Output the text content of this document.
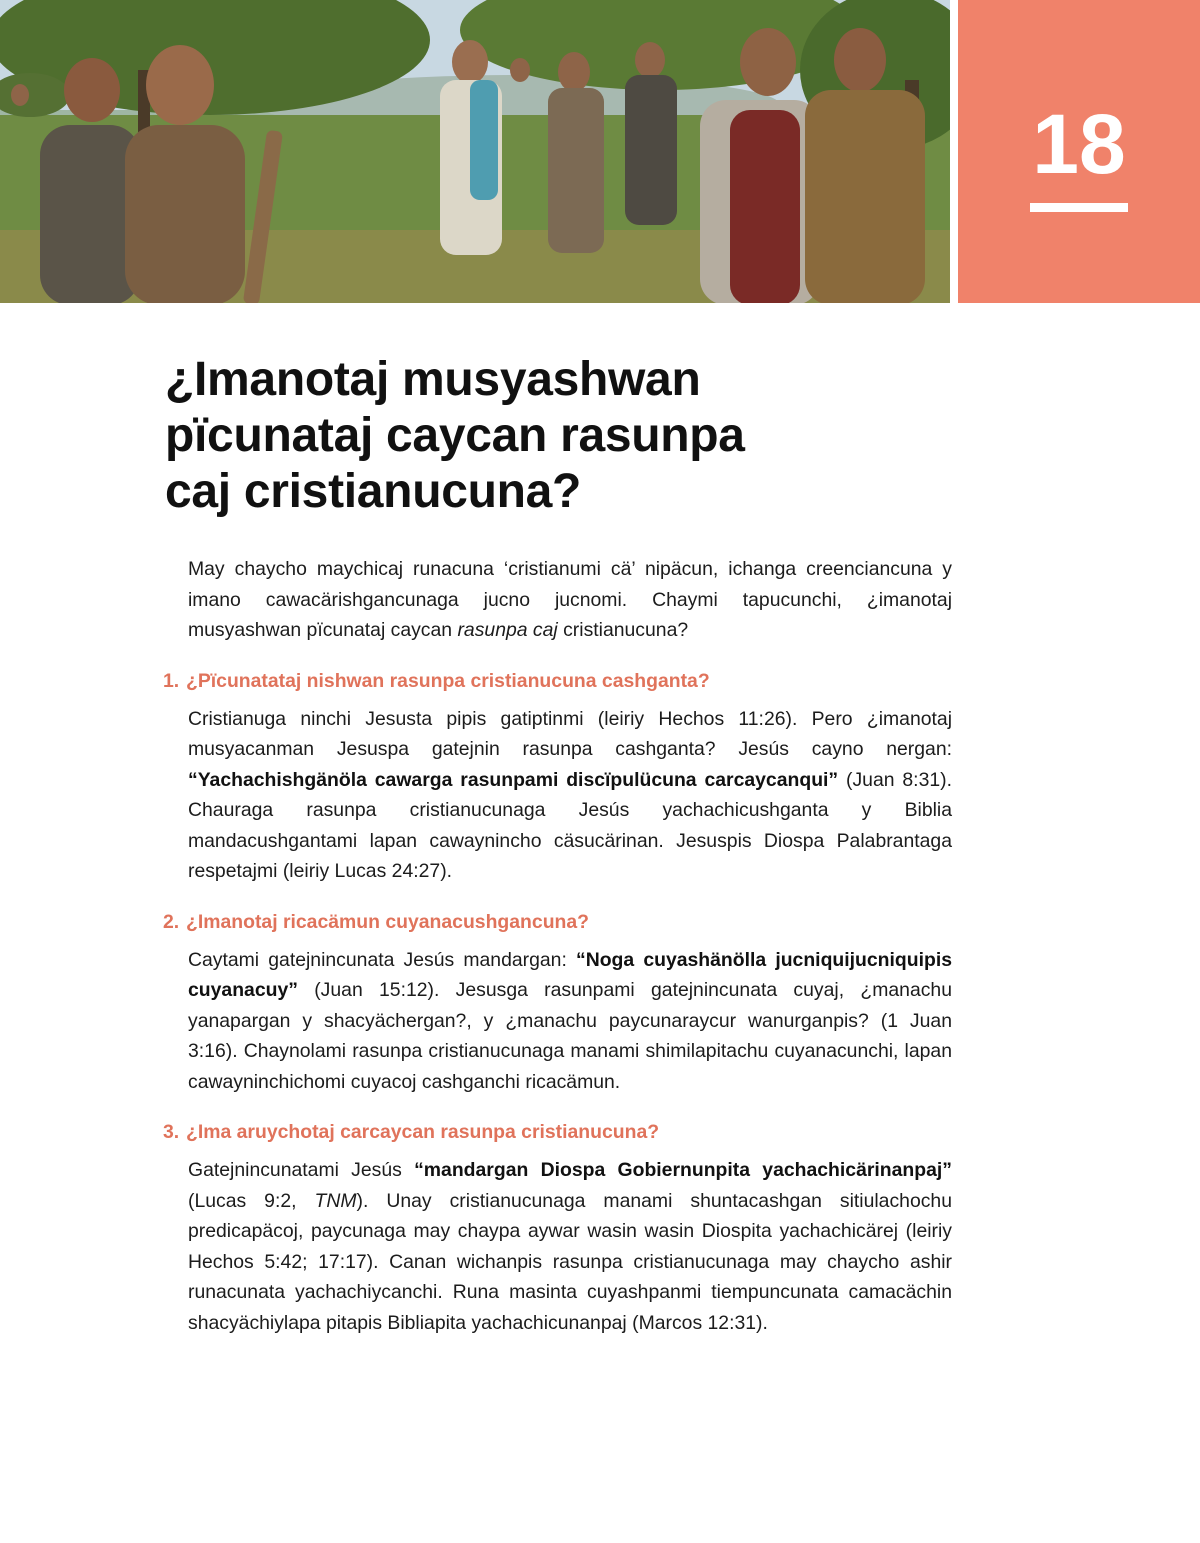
18
¿Imanotaj musyashwan
pïcunataj caycan rasunpa
caj cristianucuna?

May chaycho maychicaj runacuna ‘cristianumi cä’ nipäcun, ichanga creenciancuna y imano cawacärishgancunaga jucno jucnomi. Chaymi tapucunchi, ¿imanotaj musyashwan pïcunataj caycan rasunpa caj cristianucuna?

1. ¿Pïcunatataj nishwan rasunpa cristianucuna cashganta?

Cristianuga ninchi Jesusta pipis gatiptinmi (leiriy Hechos 11:26). Pero ¿imanotaj musyacanman Jesuspa gatejnin rasunpa cashganta? Jesús cayno nergan: “Yachachishgänöla cawarga rasunpami discïpulücuna carcaycanqui” (Juan 8:31). Chauraga rasunpa cristianucunaga Jesús yachachicushganta y Biblia mandacushgantami lapan cawaynincho cäsucärinan. Jesuspis Diospa Palabrantaga respetajmi (leiriy Lucas 24:27).

2. ¿Imanotaj ricacämun cuyanacushgancuna?

Caytami gatejnincunata Jesús mandargan: “Noga cuyashänölla jucniquijucniquipis cuyanacuy” (Juan 15:12). Jesusga rasunpami gatejnincunata cuyaj, ¿manachu yanapargan y shacyächergan?, y ¿manachu paycunaraycur wanurganpis? (1 Juan 3:16). Chaynolami rasunpa cristianucunaga manami shimilapitachu cuyanacunchi, lapan cawayninchichomi cuyacoj cashganchi ricacämun.

3. ¿Ima aruychotaj carcaycan rasunpa cristianucuna?

Gatejnincunatami Jesús “mandargan Diospa Gobiernunpita yachachicärinanpaj” (Lucas 9:2, TNM). Unay cristianucunaga manami shuntacashgan sitiulachochu predicapäcoj, paycunaga may chaypa aywar wasin wasin Diospita yachachicärej (leiriy Hechos 5:42; 17:17). Canan wichanpis rasunpa cristianucunaga may chaycho ashir runacunata yachachiycanchi. Runa masinta cuyashpanmi tiempuncunata camacächin shacyächiylapa pitapis Bibliapita yachachicunanpaj (Marcos 12:31).
